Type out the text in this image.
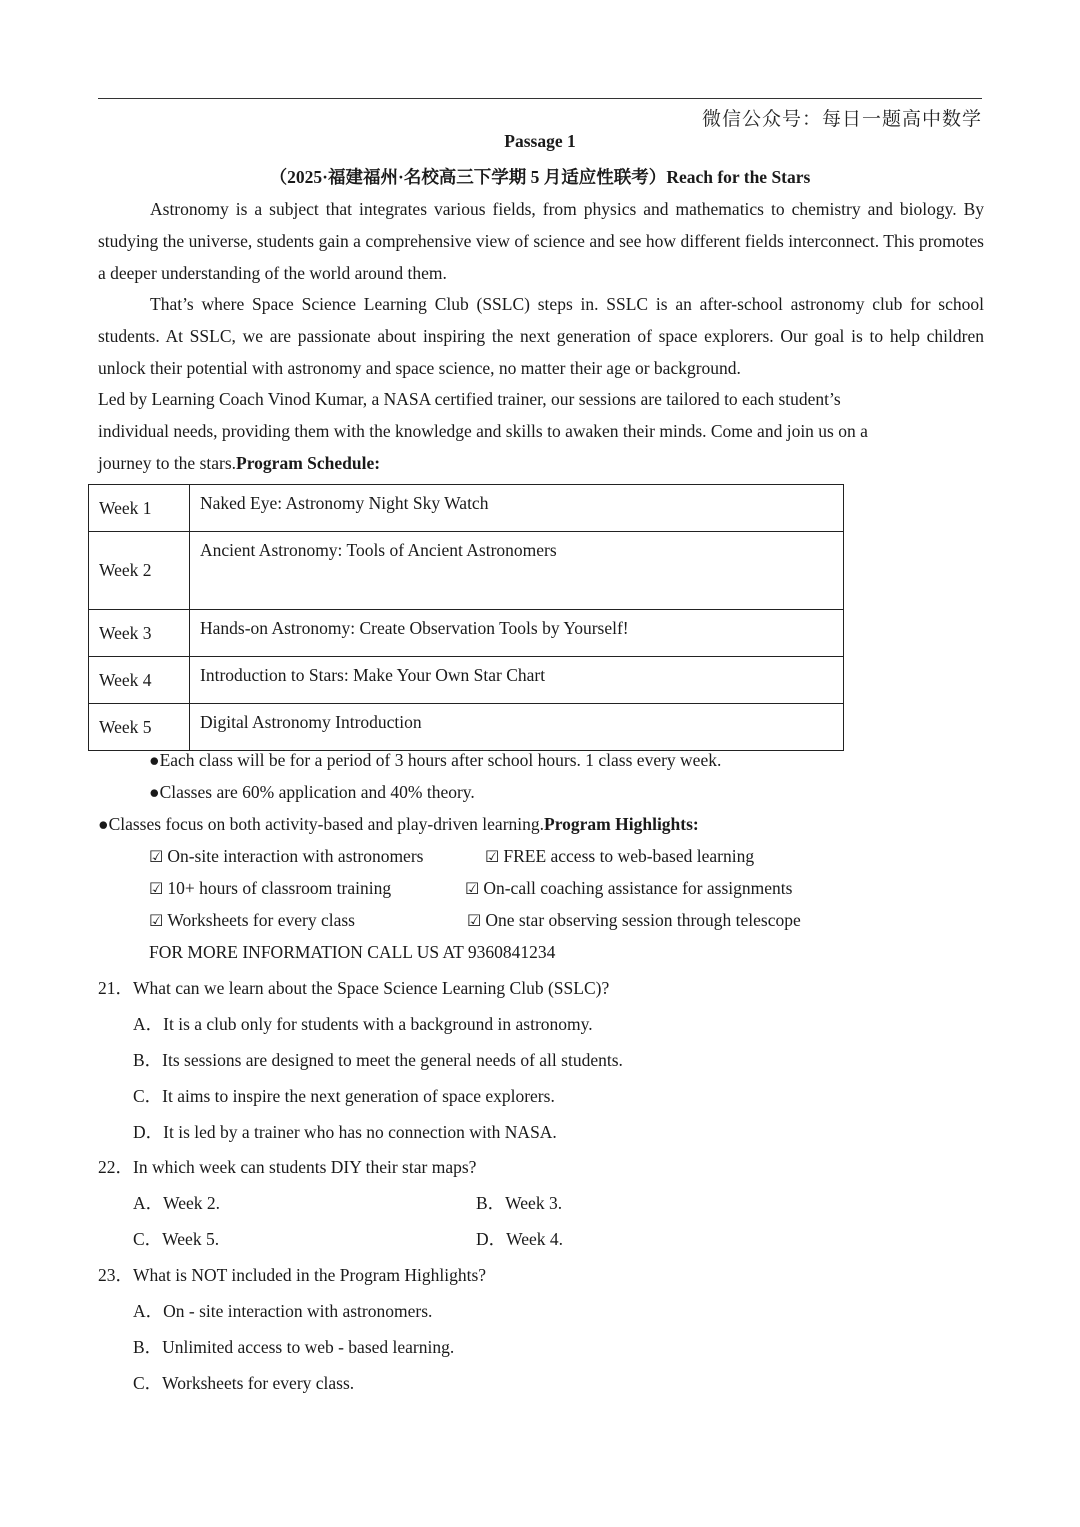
微信公众号：每日一题高中数学
Passage 1
（2025·福建福州·名校高三下学期 5 月适应性联考）Reach for the Stars
Astronomy is a subject that integrates various fields, from physics and mathematics to chemistry and biology. By studying the universe, students gain a comprehensive view of science and see how different fields interconnect. This promotes a deeper understanding of the world around them.
That’s where Space Science Learning Club (SSLC) steps in. SSLC is an after-school astronomy club for school students. At SSLC, we are passionate about inspiring the next generation of space explorers. Our goal is to help children unlock their potential with astronomy and space science, no matter their age or background.
Led by Learning Coach Vinod Kumar, a NASA certified trainer, our sessions are tailored to each student’s
individual needs, providing them with the knowledge and skills to awaken their minds. Come and join us on a
journey to the stars.Program Schedule:
Week 1	Naked Eye: Astronomy Night Sky Watch
Week 2	Ancient Astronomy: Tools of Ancient Astronomers
Week 3	Hands-on Astronomy: Create Observation Tools by Yourself!
Week 4	Introduction to Stars: Make Your Own Star Chart
Week 5	Digital Astronomy Introduction
●Each class will be for a period of 3 hours after school hours. 1 class every week.
●Classes are 60% application and 40% theory.
●Classes focus on both activity-based and play-driven learning.Program Highlights:
☑ On-site interaction with astronomers	☑ FREE access to web-based learning
☑ 10+ hours of classroom training	☑ On-call coaching assistance for assignments
☑ Worksheets for every class	☑ One star observing session through telescope
FOR MORE INFORMATION CALL US AT 9360841234
21．What can we learn about the Space Science Learning Club (SSLC)?
A．It is a club only for students with a background in astronomy.
B．Its sessions are designed to meet the general needs of all students.
C．It aims to inspire the next generation of space explorers.
D．It is led by a trainer who has no connection with NASA.
22．In which week can students DIY their star maps?
A．Week 2.	B．Week 3.
C．Week 5.	D．Week 4.
23．What is NOT included in the Program Highlights?
A．On - site interaction with astronomers.
B．Unlimited access to web - based learning.
C．Worksheets for every class.
